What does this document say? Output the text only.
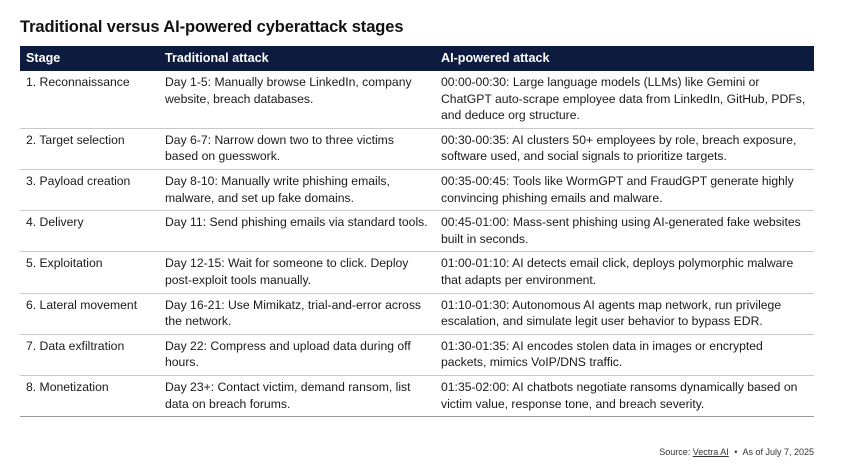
Traditional versus AI-powered cyberattack stages
Stage	Traditional attack	AI-powered attack
1. Reconnaissance	Day 1-5: Manually browse LinkedIn, company website, breach databases.	00:00-00:30: Large language models (LLMs) like Gemini or ChatGPT auto-scrape employee data from LinkedIn, GitHub, PDFs, and deduce org structure.
2. Target selection	Day 6-7: Narrow down two to three victims based on guesswork.	00:30-00:35: AI clusters 50+ employees by role, breach exposure, software used, and social signals to prioritize targets.
3. Payload creation	Day 8-10: Manually write phishing emails, malware, and set up fake domains.	00:35-00:45: Tools like WormGPT and FraudGPT generate highly convincing phishing emails and malware.
4. Delivery	Day 11: Send phishing emails via standard tools.	00:45-01:00: Mass-sent phishing using AI-generated fake websites built in seconds.
5. Exploitation	Day 12-15: Wait for someone to click. Deploy post-exploit tools manually.	01:00-01:10: AI detects email click, deploys polymorphic malware that adapts per environment.
6. Lateral movement	Day 16-21: Use Mimikatz, trial-and-error across the network.	01:10-01:30: Autonomous AI agents map network, run privilege escalation, and simulate legit user behavior to bypass EDR.
7. Data exfiltration	Day 22: Compress and upload data during off hours.	01:30-01:35: AI encodes stolen data in images or encrypted packets, mimics VoIP/DNS traffic.
8. Monetization	Day 23+: Contact victim, demand ransom, list data on breach forums.	01:35-02:00: AI chatbots negotiate ransoms dynamically based on victim value, response tone, and breach severity.
Source: Vectra AI • As of July 7, 2025
